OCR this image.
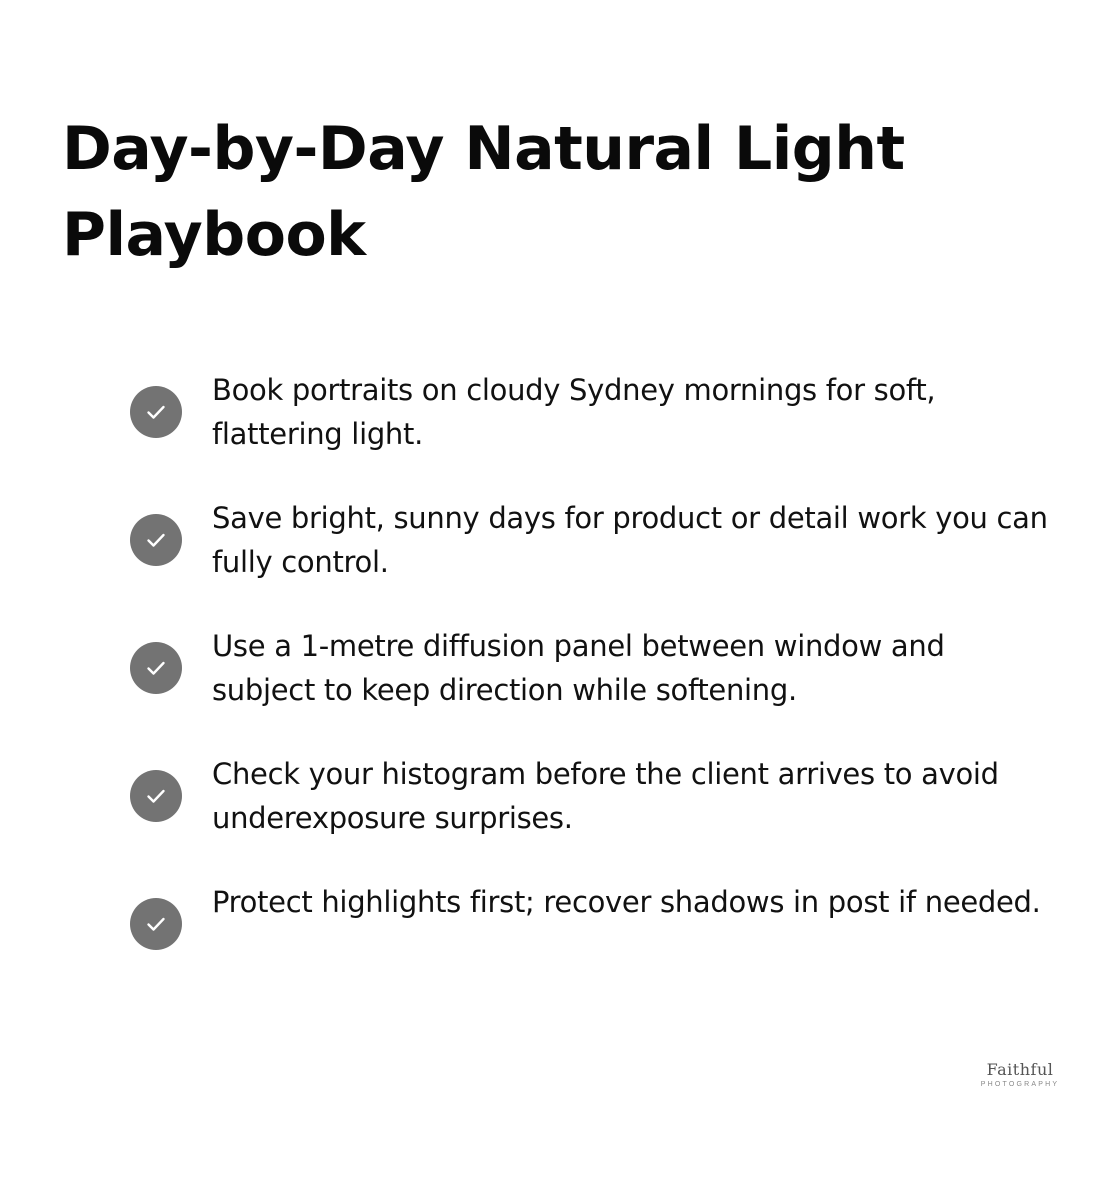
Day-by-Day Natural Light Playbook
Book portraits on cloudy Sydney mornings for soft, flattering light.
Save bright, sunny days for product or detail work you can fully control.
Use a 1-metre diffusion panel between window and subject to keep direction while softening.
Check your histogram before the client arrives to avoid underexposure surprises.
Protect highlights first; recover shadows in post if needed.
Faithful
PHOTOGRAPHY
